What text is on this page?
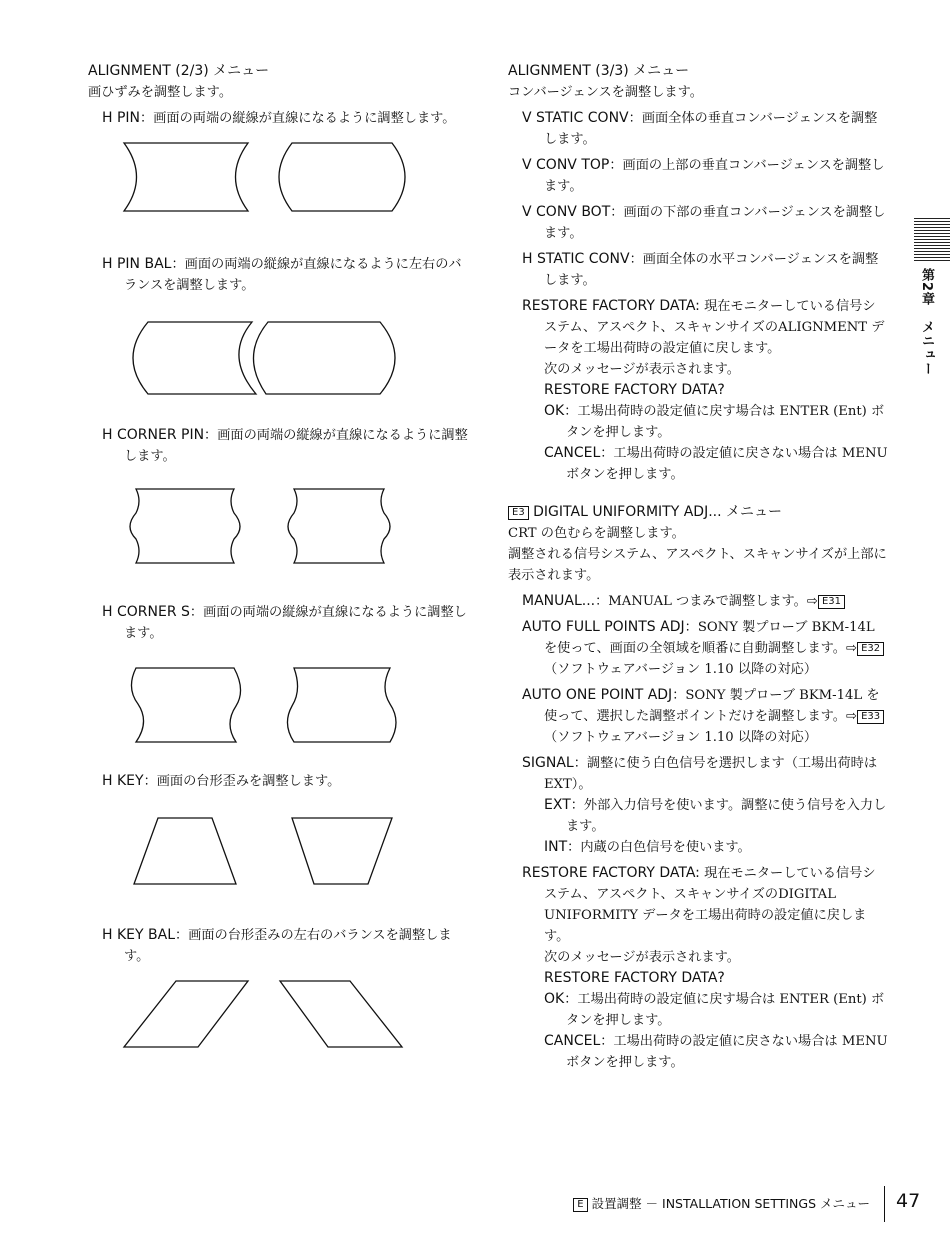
ALIGNMENT (2/3) メニュー

画ひずみを調整します。

H PIN：画面の両端の縦線が直線になるように調整します。

H PIN BAL：画面の両端の縦線が直線になるように左右のバランスを調整します。

H CORNER PIN：画面の両端の縦線が直線になるように調整します。

H CORNER S：画面の両端の縦線が直線になるように調整します。

H KEY：画面の台形歪みを調整します。

H KEY BAL：画面の台形歪みの左右のバランスを調整します。

ALIGNMENT (3/3) メニュー

コンバージェンスを調整します。

V STATIC CONV：画面全体の垂直コンバージェンスを調整します。

V CONV TOP：画面の上部の垂直コンバージェンスを調整します。

V CONV BOT：画面の下部の垂直コンバージェンスを調整します。

H STATIC CONV：画面全体の水平コンバージェンスを調整します。

RESTORE FACTORY DATA: 現在モニターしている信号システム、アスペクト、スキャンサイズのALIGNMENT データを工場出荷時の設定値に戻します。

次のメッセージが表示されます。

RESTORE FACTORY DATA?

OK：工場出荷時の設定値に戻す場合は ENTER (Ent) ボタンを押します。

CANCEL：工場出荷時の設定値に戻さない場合は MENU ボタンを押します。

E3 DIGITAL UNIFORMITY ADJ... メニュー

CRT の色むらを調整します。

調整される信号システム、アスペクト、スキャンサイズが上部に表示されます。

MANUAL...：MANUAL つまみで調整します。⇨ E31

AUTO FULL POINTS ADJ：SONY 製プローブ BKM-14L を使って、画面の全領域を順番に自動調整します。⇨ E32（ソフトウェアバージョン 1.10 以降の対応）

AUTO ONE POINT ADJ：SONY 製プローブ BKM-14L を使って、選択した調整ポイントだけを調整します。⇨ E33（ソフトウェアバージョン 1.10 以降の対応）

SIGNAL：調整に使う白色信号を選択します（工場出荷時は EXT）。

EXT：外部入力信号を使います。調整に使う信号を入力します。

INT：内蔵の白色信号を使います。

RESTORE FACTORY DATA: 現在モニターしている信号システム、アスペクト、スキャンサイズのDIGITAL UNIFORMITY データを工場出荷時の設定値に戻します。

次のメッセージが表示されます。

RESTORE FACTORY DATA?

OK：工場出荷時の設定値に戻す場合は ENTER (Ent) ボタンを押します。

CANCEL：工場出荷時の設定値に戻さない場合は MENU ボタンを押します。

第2章　メニュー
E 設置調整 － INSTALLATION SETTINGS メニュー 47
